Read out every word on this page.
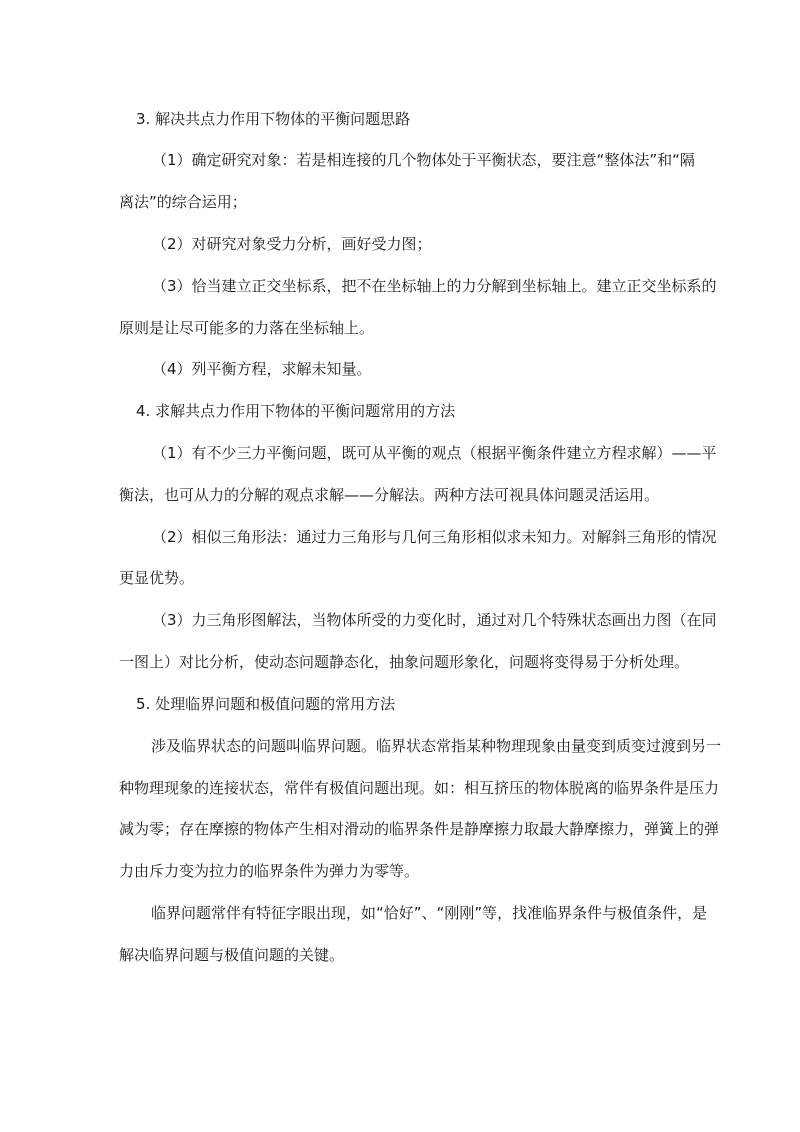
3. 解决共点力作用下物体的平衡问题思路

（1）确定研究对象：若是相连接的几个物体处于平衡状态，要注意“整体法”和“隔

离法”的综合运用；

（2）对研究对象受力分析，画好受力图；

（3）恰当建立正交坐标系，把不在坐标轴上的力分解到坐标轴上。建立正交坐标系的

原则是让尽可能多的力落在坐标轴上。

（4）列平衡方程，求解未知量。

4. 求解共点力作用下物体的平衡问题常用的方法

（1）有不少三力平衡问题，既可从平衡的观点（根据平衡条件建立方程求解）——平

衡法，也可从力的分解的观点求解——分解法。两种方法可视具体问题灵活运用。

（2）相似三角形法：通过力三角形与几何三角形相似求未知力。对解斜三角形的情况

更显优势。

（3）力三角形图解法，当物体所受的力变化时，通过对几个特殊状态画出力图（在同

一图上）对比分析，使动态问题静态化，抽象问题形象化，问题将变得易于分析处理。

5. 处理临界问题和极值问题的常用方法

涉及临界状态的问题叫临界问题。临界状态常指某种物理现象由量变到质变过渡到另一

种物理现象的连接状态，常伴有极值问题出现。如：相互挤压的物体脱离的临界条件是压力

减为零；存在摩擦的物体产生相对滑动的临界条件是静摩擦力取最大静摩擦力，弹簧上的弹

力由斥力变为拉力的临界条件为弹力为零等。

临界问题常伴有特征字眼出现，如“恰好”、“刚刚”等，找准临界条件与极值条件，是

解决临界问题与极值问题的关键。
